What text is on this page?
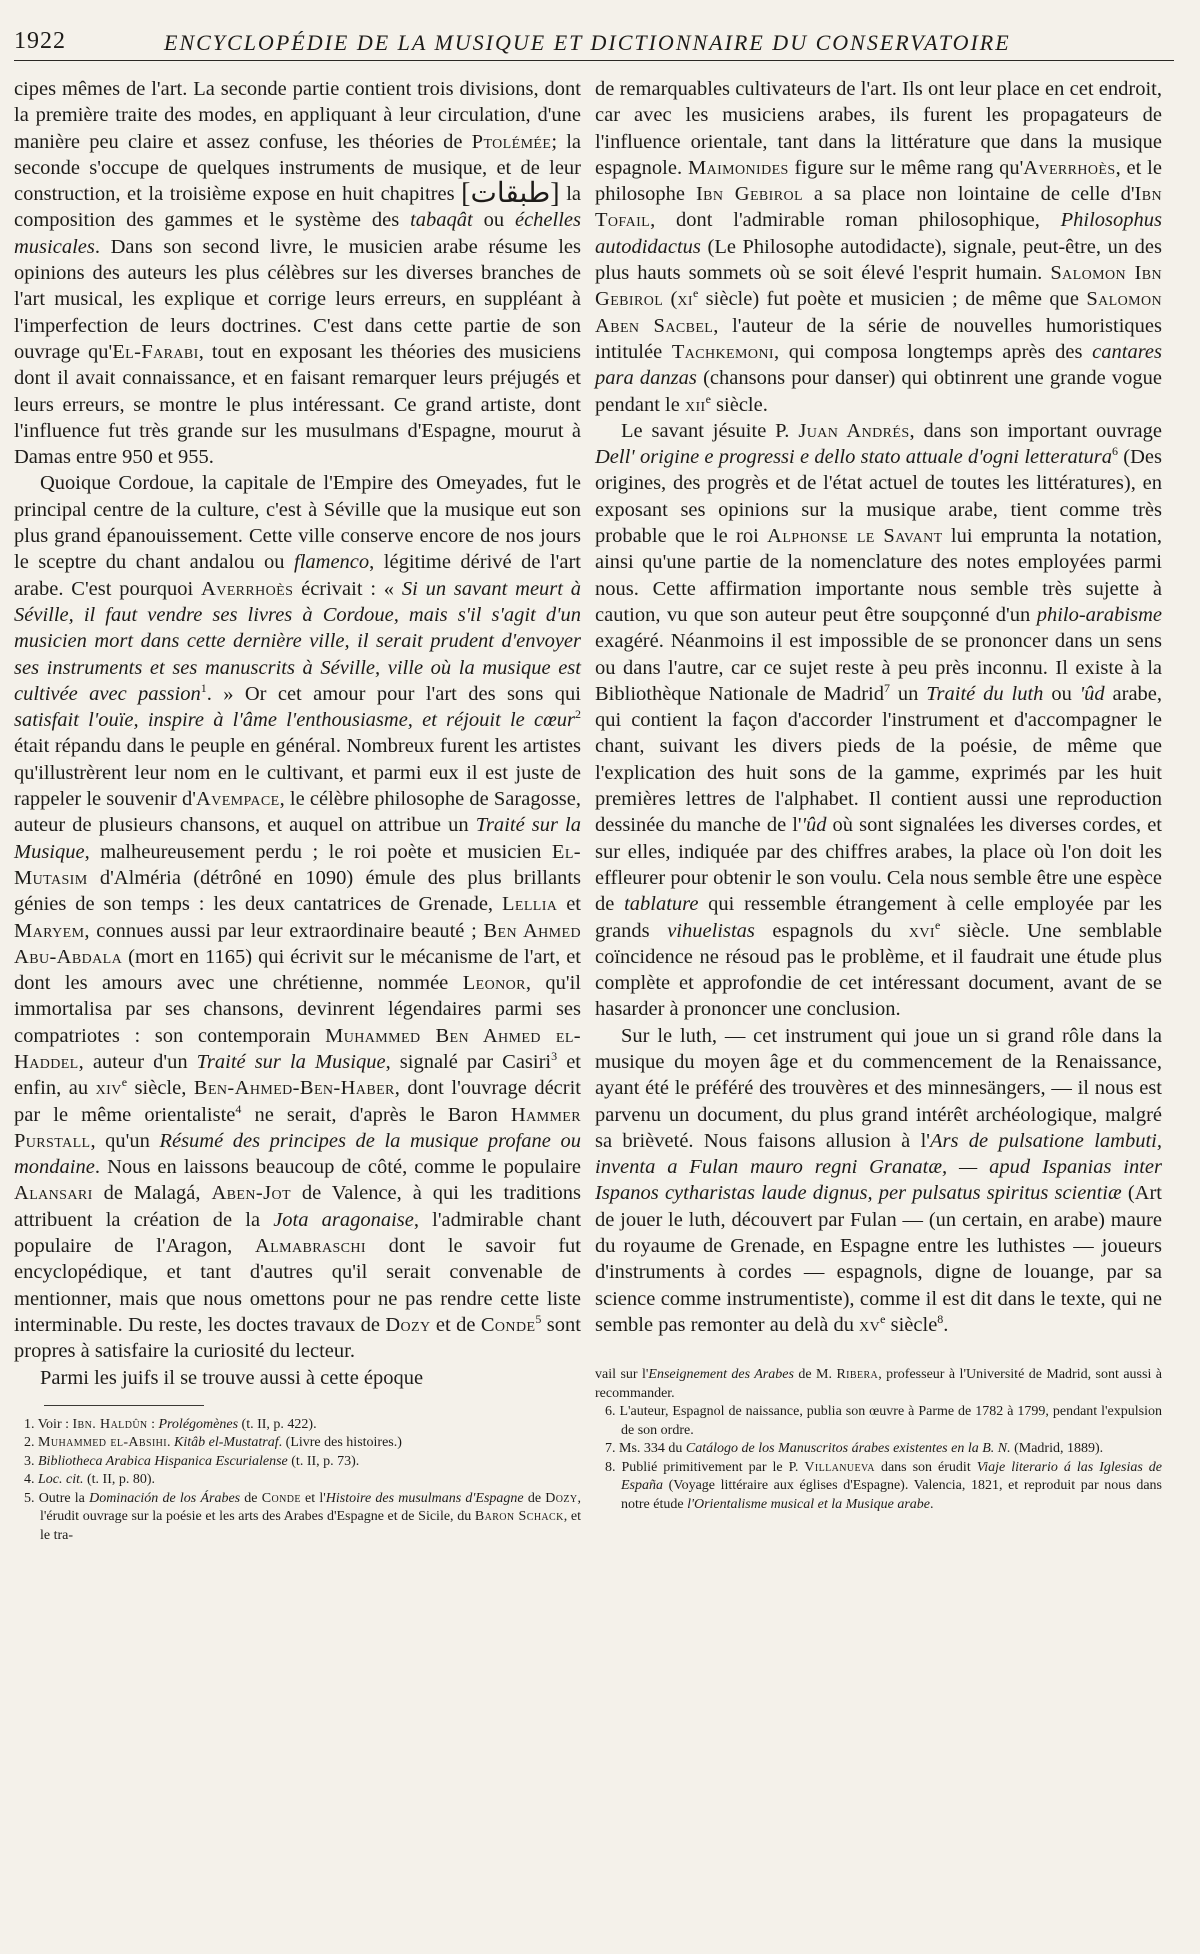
1922	ENCYCLOPÉDIE DE LA MUSIQUE ET DICTIONNAIRE DU CONSERVATOIRE

cipes mêmes de l'art. La seconde partie contient trois divisions, dont la première traite des modes, en appliquant à leur circulation, d'une manière peu claire et assez confuse, les théories de Ptolémée; la seconde s'occupe de quelques instruments de musique, et de leur construction, et la troisième expose en huit chapitres [طبقات] la composition des gammes et le système des tabaqât ou échelles musicales. Dans son second livre, le musicien arabe résume les opinions des auteurs les plus célèbres sur les diverses branches de l'art musical, les explique et corrige leurs erreurs, en suppléant à l'imperfection de leurs doctrines. C'est dans cette partie de son ouvrage qu'El-Farabi, tout en exposant les théories des musiciens dont il avait connaissance, et en faisant remarquer leurs préjugés et leurs erreurs, se montre le plus intéressant. Ce grand artiste, dont l'influence fut très grande sur les musulmans d'Espagne, mourut à Damas entre 950 et 955.

Quoique Cordoue, la capitale de l'Empire des Omeyades, fut le principal centre de la culture, c'est à Séville que la musique eut son plus grand épanouissement. Cette ville conserve encore de nos jours le sceptre du chant andalou ou flamenco, légitime dérivé de l'art arabe. C'est pourquoi Averrhoès écrivait : « Si un savant meurt à Séville, il faut vendre ses livres à Cordoue, mais s'il s'agit d'un musicien mort dans cette dernière ville, il serait prudent d'envoyer ses instruments et ses manuscrits à Séville, ville où la musique est cultivée avec passion$^1$. » Or cet amour pour l'art des sons qui satisfait l'ouïe, inspire à l'âme l'enthousiasme, et réjouit le cœur$^2$ était répandu dans le peuple en général. Nombreux furent les artistes qu'illustrèrent leur nom en le cultivant, et parmi eux il est juste de rappeler le souvenir d'Avempace, le célèbre philosophe de Saragosse, auteur de plusieurs chansons, et auquel on attribue un Traité sur la Musique, malheureusement perdu ; le roi poète et musicien El-Mutasim d'Alméria (détrôné en 1090) émule des plus brillants génies de son temps : les deux cantatrices de Grenade, Lellia et Maryem, connues aussi par leur extraordinaire beauté ; Ben Ahmed Abu-Abdala (mort en 1165) qui écrivit sur le mécanisme de l'art, et dont les amours avec une chrétienne, nommée Leonor, qu'il immortalisa par ses chansons, devinrent légendaires parmi ses compatriotes : son contemporain Muhammed Ben Ahmed el-Haddel, auteur d'un Traité sur la Musique, signalé par Casiri$^3$ et enfin, au xiv$^e$ siècle, Ben-Ahmed-Ben-Haber, dont l'ouvrage décrit par le même orientaliste$^4$ ne serait, d'après le Baron Hammer Purstall, qu'un Résumé des principes de la musique profane ou mondaine. Nous en laissons beaucoup de côté, comme le populaire Alansari de Malagá, Aben-Jot de Valence, à qui les traditions attribuent la création de la Jota aragonaise, l'admirable chant populaire de l'Aragon, Almabraschi dont le savoir fut encyclopédique, et tant d'autres qu'il serait convenable de mentionner, mais que nous omettons pour ne pas rendre cette liste interminable. Du reste, les doctes travaux de Dozy et de Conde$^5$ sont propres à satisfaire la curiosité du lecteur.

Parmi les juifs il se trouve aussi à cette époque

1. Voir : Ibn. Haldûn : Prolégomènes (t. II, p. 422).

2. Muhammed el-Absihi. Kitâb el-Mustatraf. (Livre des histoires.)

3. Bibliotheca Arabica Hispanica Escurialense (t. II, p. 73).

4. Loc. cit. (t. II, p. 80).

5. Outre la Dominación de los Árabes de Conde et l'Histoire des musulmans d'Espagne de Dozy, l'érudit ouvrage sur la poésie et les arts des Arabes d'Espagne et de Sicile, du Baron Schack, et le tra-

de remarquables cultivateurs de l'art. Ils ont leur place en cet endroit, car avec les musiciens arabes, ils furent les propagateurs de l'influence orientale, tant dans la littérature que dans la musique espagnole. Maimonides figure sur le même rang qu'Averrhoès, et le philosophe Ibn Gebirol a sa place non lointaine de celle d'Ibn Tofail, dont l'admirable roman philosophique, Philosophus autodidactus (Le Philosophe autodidacte), signale, peut-être, un des plus hauts sommets où se soit élevé l'esprit humain. Salomon Ibn Gebirol ($xi^e$ siècle) fut poète et musicien ; de même que Salomon Aben Sacbel, l'auteur de la série de nouvelles humoristiques intitulée Tachkemoni, qui composa longtemps après des cantares para danzas (chansons pour danser) qui obtinrent une grande vogue pendant le xii$^e$ siècle.

Le savant jésuite P. Juan Andrés, dans son important ouvrage Dell' origine e progressi e dello stato attuale d'ogni letteratura$^6$ (Des origines, des progrès et de l'état actuel de toutes les littératures), en exposant ses opinions sur la musique arabe, tient comme très probable que le roi Alphonse le Savant lui emprunta la notation, ainsi qu'une partie de la nomenclature des notes employées parmi nous. Cette affirmation importante nous semble très sujette à caution, vu que son auteur peut être soupçonné d'un philo-arabisme exagéré. Néanmoins il est impossible de se prononcer dans un sens ou dans l'autre, car ce sujet reste à peu près inconnu. Il existe à la Bibliothèque Nationale de Madrid$^7$ un Traité du luth ou 'ûd arabe, qui contient la façon d'accorder l'instrument et d'accompagner le chant, suivant les divers pieds de la poésie, de même que l'explication des huit sons de la gamme, exprimés par les huit premières lettres de l'alphabet. Il contient aussi une reproduction dessinée du manche de l''ûd où sont signalées les diverses cordes, et sur elles, indiquée par des chiffres arabes, la place où l'on doit les effleurer pour obtenir le son voulu. Cela nous semble être une espèce de tablature qui ressemble étrangement à celle employée par les grands vihuelistas espagnols du xvi$^e$ siècle. Une semblable coïncidence ne résoud pas le problème, et il faudrait une étude plus complète et approfondie de cet intéressant document, avant de se hasarder à prononcer une conclusion.

Sur le luth, — cet instrument qui joue un si grand rôle dans la musique du moyen âge et du commencement de la Renaissance, ayant été le préféré des trouvères et des minnesängers, — il nous est parvenu un document, du plus grand intérêt archéologique, malgré sa brièveté. Nous faisons allusion à l'Ars de pulsatione lambuti, inventa a Fulan mauro regni Granatæ, — apud Ispanias inter Ispanos cytharistas laude dignus, per pulsatus spiritus scientiæ (Art de jouer le luth, découvert par Fulan — (un certain, en arabe) maure du royaume de Grenade, en Espagne entre les luthistes — joueurs d'instruments à cordes — espagnols, digne de louange, par sa science comme instrumentiste), comme il est dit dans le texte, qui ne semble pas remonter au delà du $xv^e$ siècle$^8$.

vail sur l'Enseignement des Arabes de M. Ribera, professeur à l'Université de Madrid, sont aussi à recommander.

6. L'auteur, Espagnol de naissance, publia son œuvre à Parme de 1782 à 1799, pendant l'expulsion de son ordre.

7. Ms. 334 du Catálogo de los Manuscritos árabes existentes en la B. N. (Madrid, 1889).

8. Publié primitivement par le P. Villanueva dans son érudit Viaje literario á las Iglesias de España (Voyage littéraire aux églises d'Espagne). Valencia, 1821, et reproduit par nous dans notre étude l'Orientalisme musical et la Musique arabe.
